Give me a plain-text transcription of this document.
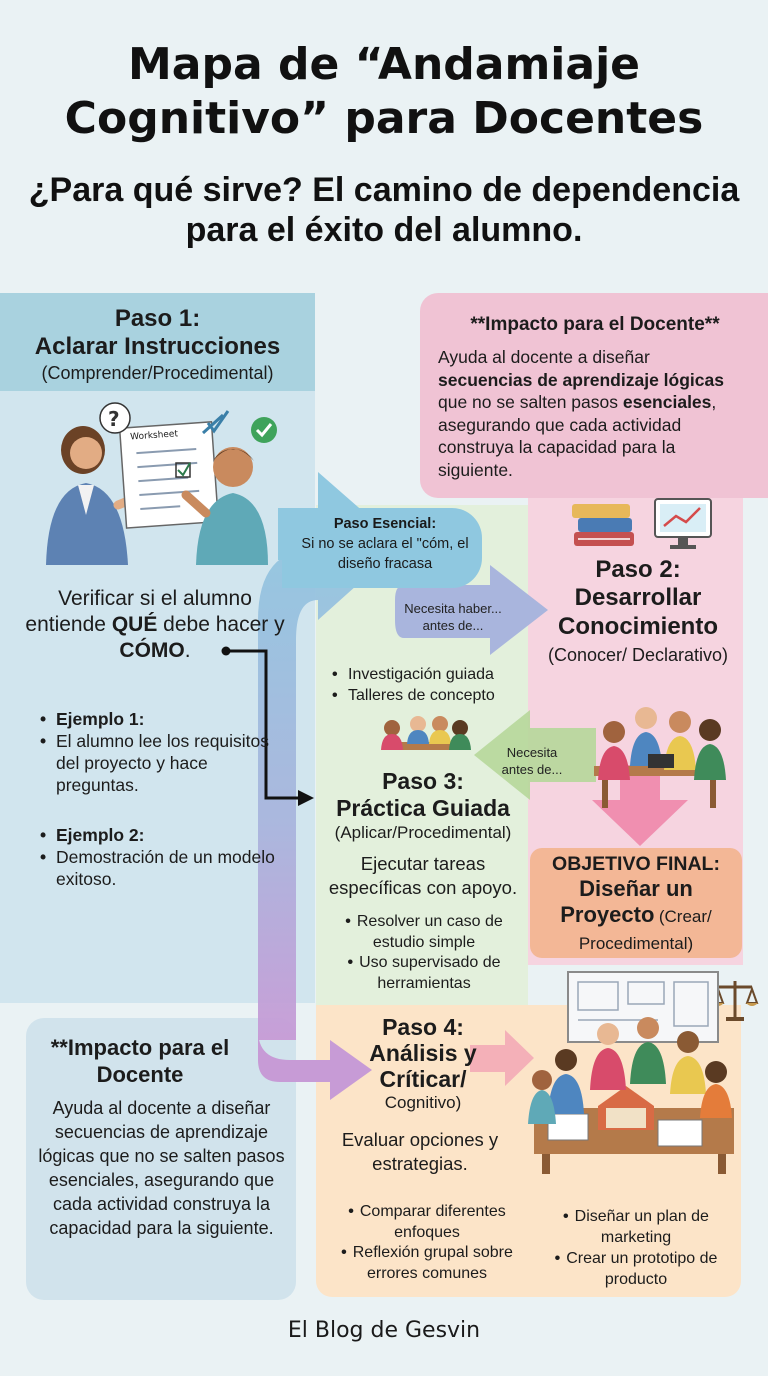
Mapa de “Andamiaje Cognitivo” para Docentes
¿Para qué sirve? El camino de dependencia para el éxito del alumno.
Paso Esencial:
Si no se aclara el "cóm, el diseño fracasa
Necesita haber... antes de...
Necesita antes de...
Paso 1:
Aclarar Instrucciones
(Comprender/Procedimental)
Worksheet
?
Verificar si el alumno entiende QUÉ debe hacer y CÓMO.
• Ejemplo 1:
• El alumno lee los requisitos del proyecto y hace preguntas.
• Ejemplo 2:
• Demostración de un modelo exitoso.
**Impacto para el Docente**
Ayuda al docente a diseñar secuencias de aprendizaje lógicas que no se salten pasos esenciales, asegurando que cada actividad construya la capacidad para la siguiente.
Paso 2:
Desarrollar Conocimiento
(Conocer/ Declarativo)
• Investigación guiada
• Talleres de concepto
Paso 3:
Práctica Guiada
(Aplicar/Procedimental)
Ejecutar tareas específicas con apoyo.
• Resolver un caso de estudio simple
• Uso supervisado de herramientas
OBJETIVO FINAL:
Diseñar un
Proyecto (Crear/ Procedimental)
Paso 4:
Análisis y Críticar/
Cognitivo)
Evaluar opciones y estrategias.
• Comparar diferentes enfoques
• Reflexión grupal sobre errores comunes
• Diseñar un plan de marketing
• Crear un prototipo de producto
**Impacto para el Docente
Ayuda al docente a diseñar secuencias de aprendizaje lógicas que no se salten pasos esenciales, asegurando que cada actividad construya la capacidad para la siguiente.
El Blog de Gesvin
